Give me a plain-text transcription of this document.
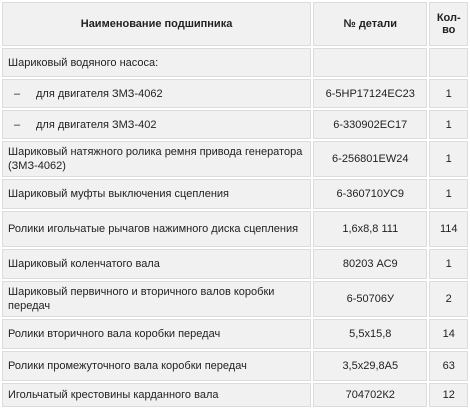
Наименование подшипника	№ детали	Кол-во
Шариковый водяного насоса:		
– для двигателя ЗМЗ-4062	6-5HP17124EC23	1
– для двигателя ЗМЗ-402	6-330902EC17	1
Шариковый натяжного ролика ремня привода генератора (ЗМЗ-4062)	6-256801EW24	1
Шариковый муфты выключения сцепления	6-360710УС9	1
Ролики игольчатые рычагов нажимного диска сцепления	1,6x8,8 111	114
Шариковый коленчатого вала	80203 АС9	1
Шариковый первичного и вторичного валов коробки передач	6-50706У	2
Ролики вторичного вала коробки передач	5,5x15,8	14
Ролики промежуточного вала коробки передач	3,5x29,8А5	63
Игольчатый крестовины карданного вала	704702К2	12
